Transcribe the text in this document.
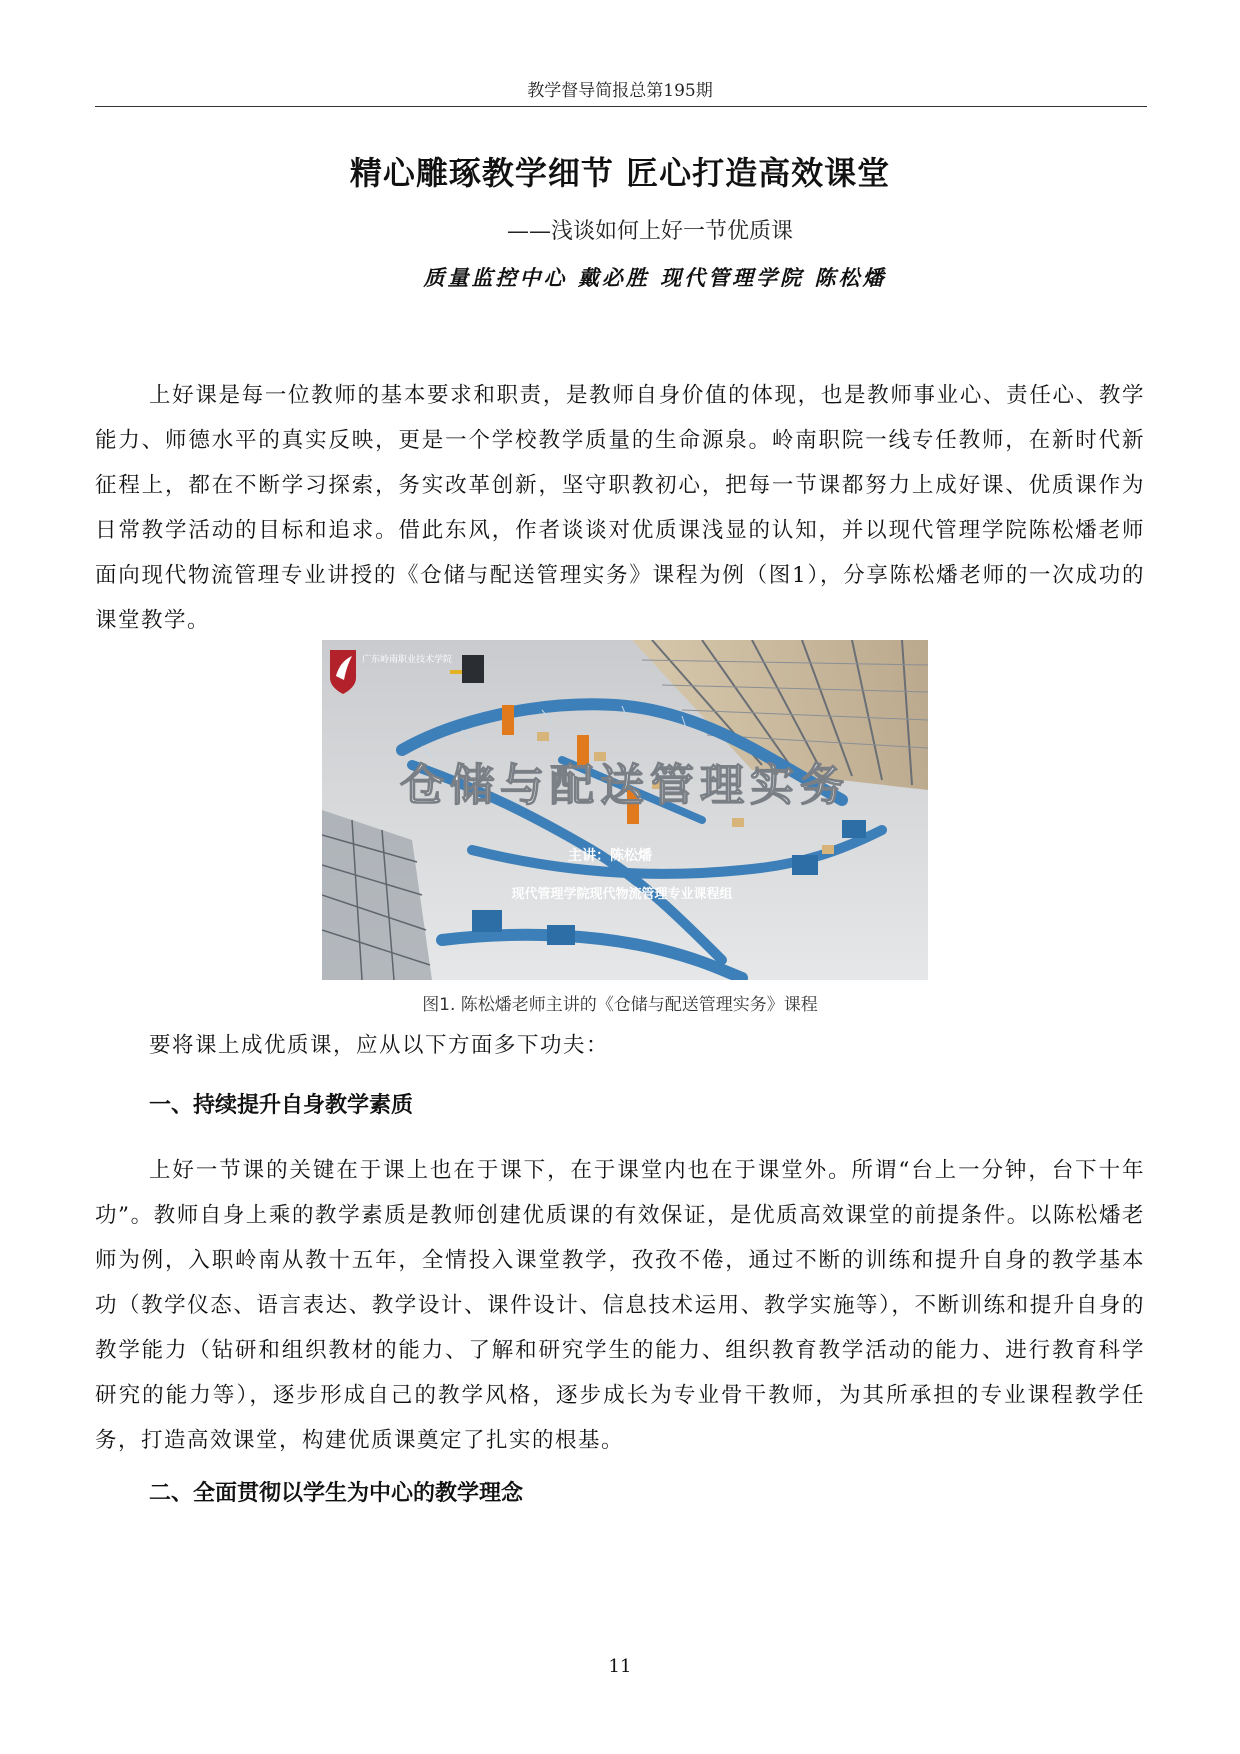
教学督导简报总第195期
精心雕琢教学细节 匠心打造高效课堂
——浅谈如何上好一节优质课
质量监控中心 戴必胜 现代管理学院 陈松燔

上好课是每一位教师的基本要求和职责，是教师自身价值的体现，也是教师事业心、责任心、教学能力、师德水平的真实反映，更是一个学校教学质量的生命源泉。岭南职院一线专任教师，在新时代新征程上，都在不断学习探索，务实改革创新，坚守职教初心，把每一节课都努力上成好课、优质课作为日常教学活动的目标和追求。借此东风，作者谈谈对优质课浅显的认知，并以现代管理学院陈松燔老师面向现代物流管理专业讲授的《仓储与配送管理实务》课程为例（图1），分享陈松燔老师的一次成功的课堂教学。

广东岭南职业技术学院
仓储与配送管理实务
主讲：陈松燔
现代管理学院现代物流管理专业课程组
图1. 陈松燔老师主讲的《仓储与配送管理实务》课程

要将课上成优质课，应从以下方面多下功夫：

一、持续提升自身教学素质

上好一节课的关键在于课上也在于课下，在于课堂内也在于课堂外。所谓“台上一分钟，台下十年功”。教师自身上乘的教学素质是教师创建优质课的有效保证，是优质高效课堂的前提条件。以陈松燔老师为例，入职岭南从教十五年，全情投入课堂教学，孜孜不倦，通过不断的训练和提升自身的教学基本功（教学仪态、语言表达、教学设计、课件设计、信息技术运用、教学实施等），不断训练和提升自身的教学能力（钻研和组织教材的能力、了解和研究学生的能力、组织教育教学活动的能力、进行教育科学研究的能力等），逐步形成自己的教学风格，逐步成长为专业骨干教师，为其所承担的专业课程教学任务，打造高效课堂，构建优质课奠定了扎实的根基。

二、全面贯彻以学生为中心的教学理念
11
